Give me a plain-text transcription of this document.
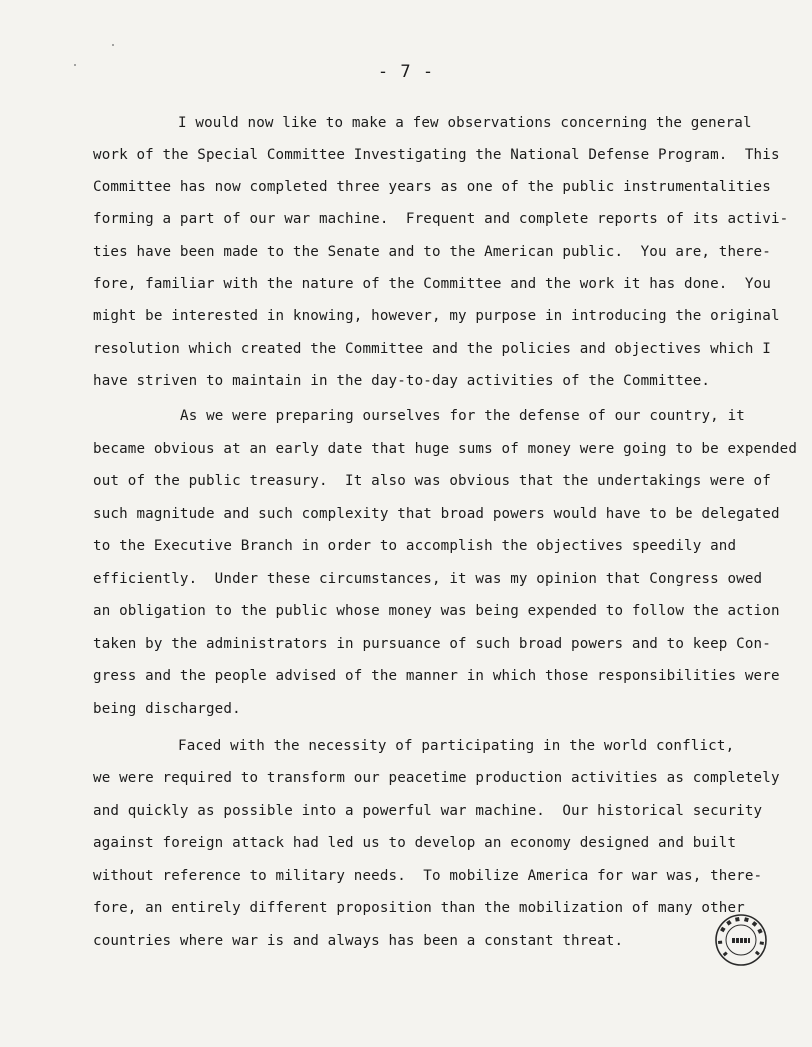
- 7 -
I would now like to make a few observations concerning the general
work of the Special Committee Investigating the National Defense Program.  This
Committee has now completed three years as one of the public instrumentalities
forming a part of our war machine.  Frequent and complete reports of its activi-
ties have been made to the Senate and to the American public.  You are, there-
fore, familiar with the nature of the Committee and the work it has done.  You
might be interested in knowing, however, my purpose in introducing the original
resolution which created the Committee and the policies and objectives which I
have striven to maintain in the day-to-day activities of the Committee.
As we were preparing ourselves for the defense of our country, it
became obvious at an early date that huge sums of money were going to be expended
out of the public treasury.  It also was obvious that the undertakings were of
such magnitude and such complexity that broad powers would have to be delegated
to the Executive Branch in order to accomplish the objectives speedily and
efficiently.  Under these circumstances, it was my opinion that Congress owed
an obligation to the public whose money was being expended to follow the action
taken by the administrators in pursuance of such broad powers and to keep Con-
gress and the people advised of the manner in which those responsibilities were
being discharged.
Faced with the necessity of participating in the world conflict,
we were required to transform our peacetime production activities as completely
and quickly as possible into a powerful war machine.  Our historical security
against foreign attack had led us to develop an economy designed and built
without reference to military needs.  To mobilize America for war was, there-
fore, an entirely different proposition than the mobilization of many other
countries where war is and always has been a constant threat.
